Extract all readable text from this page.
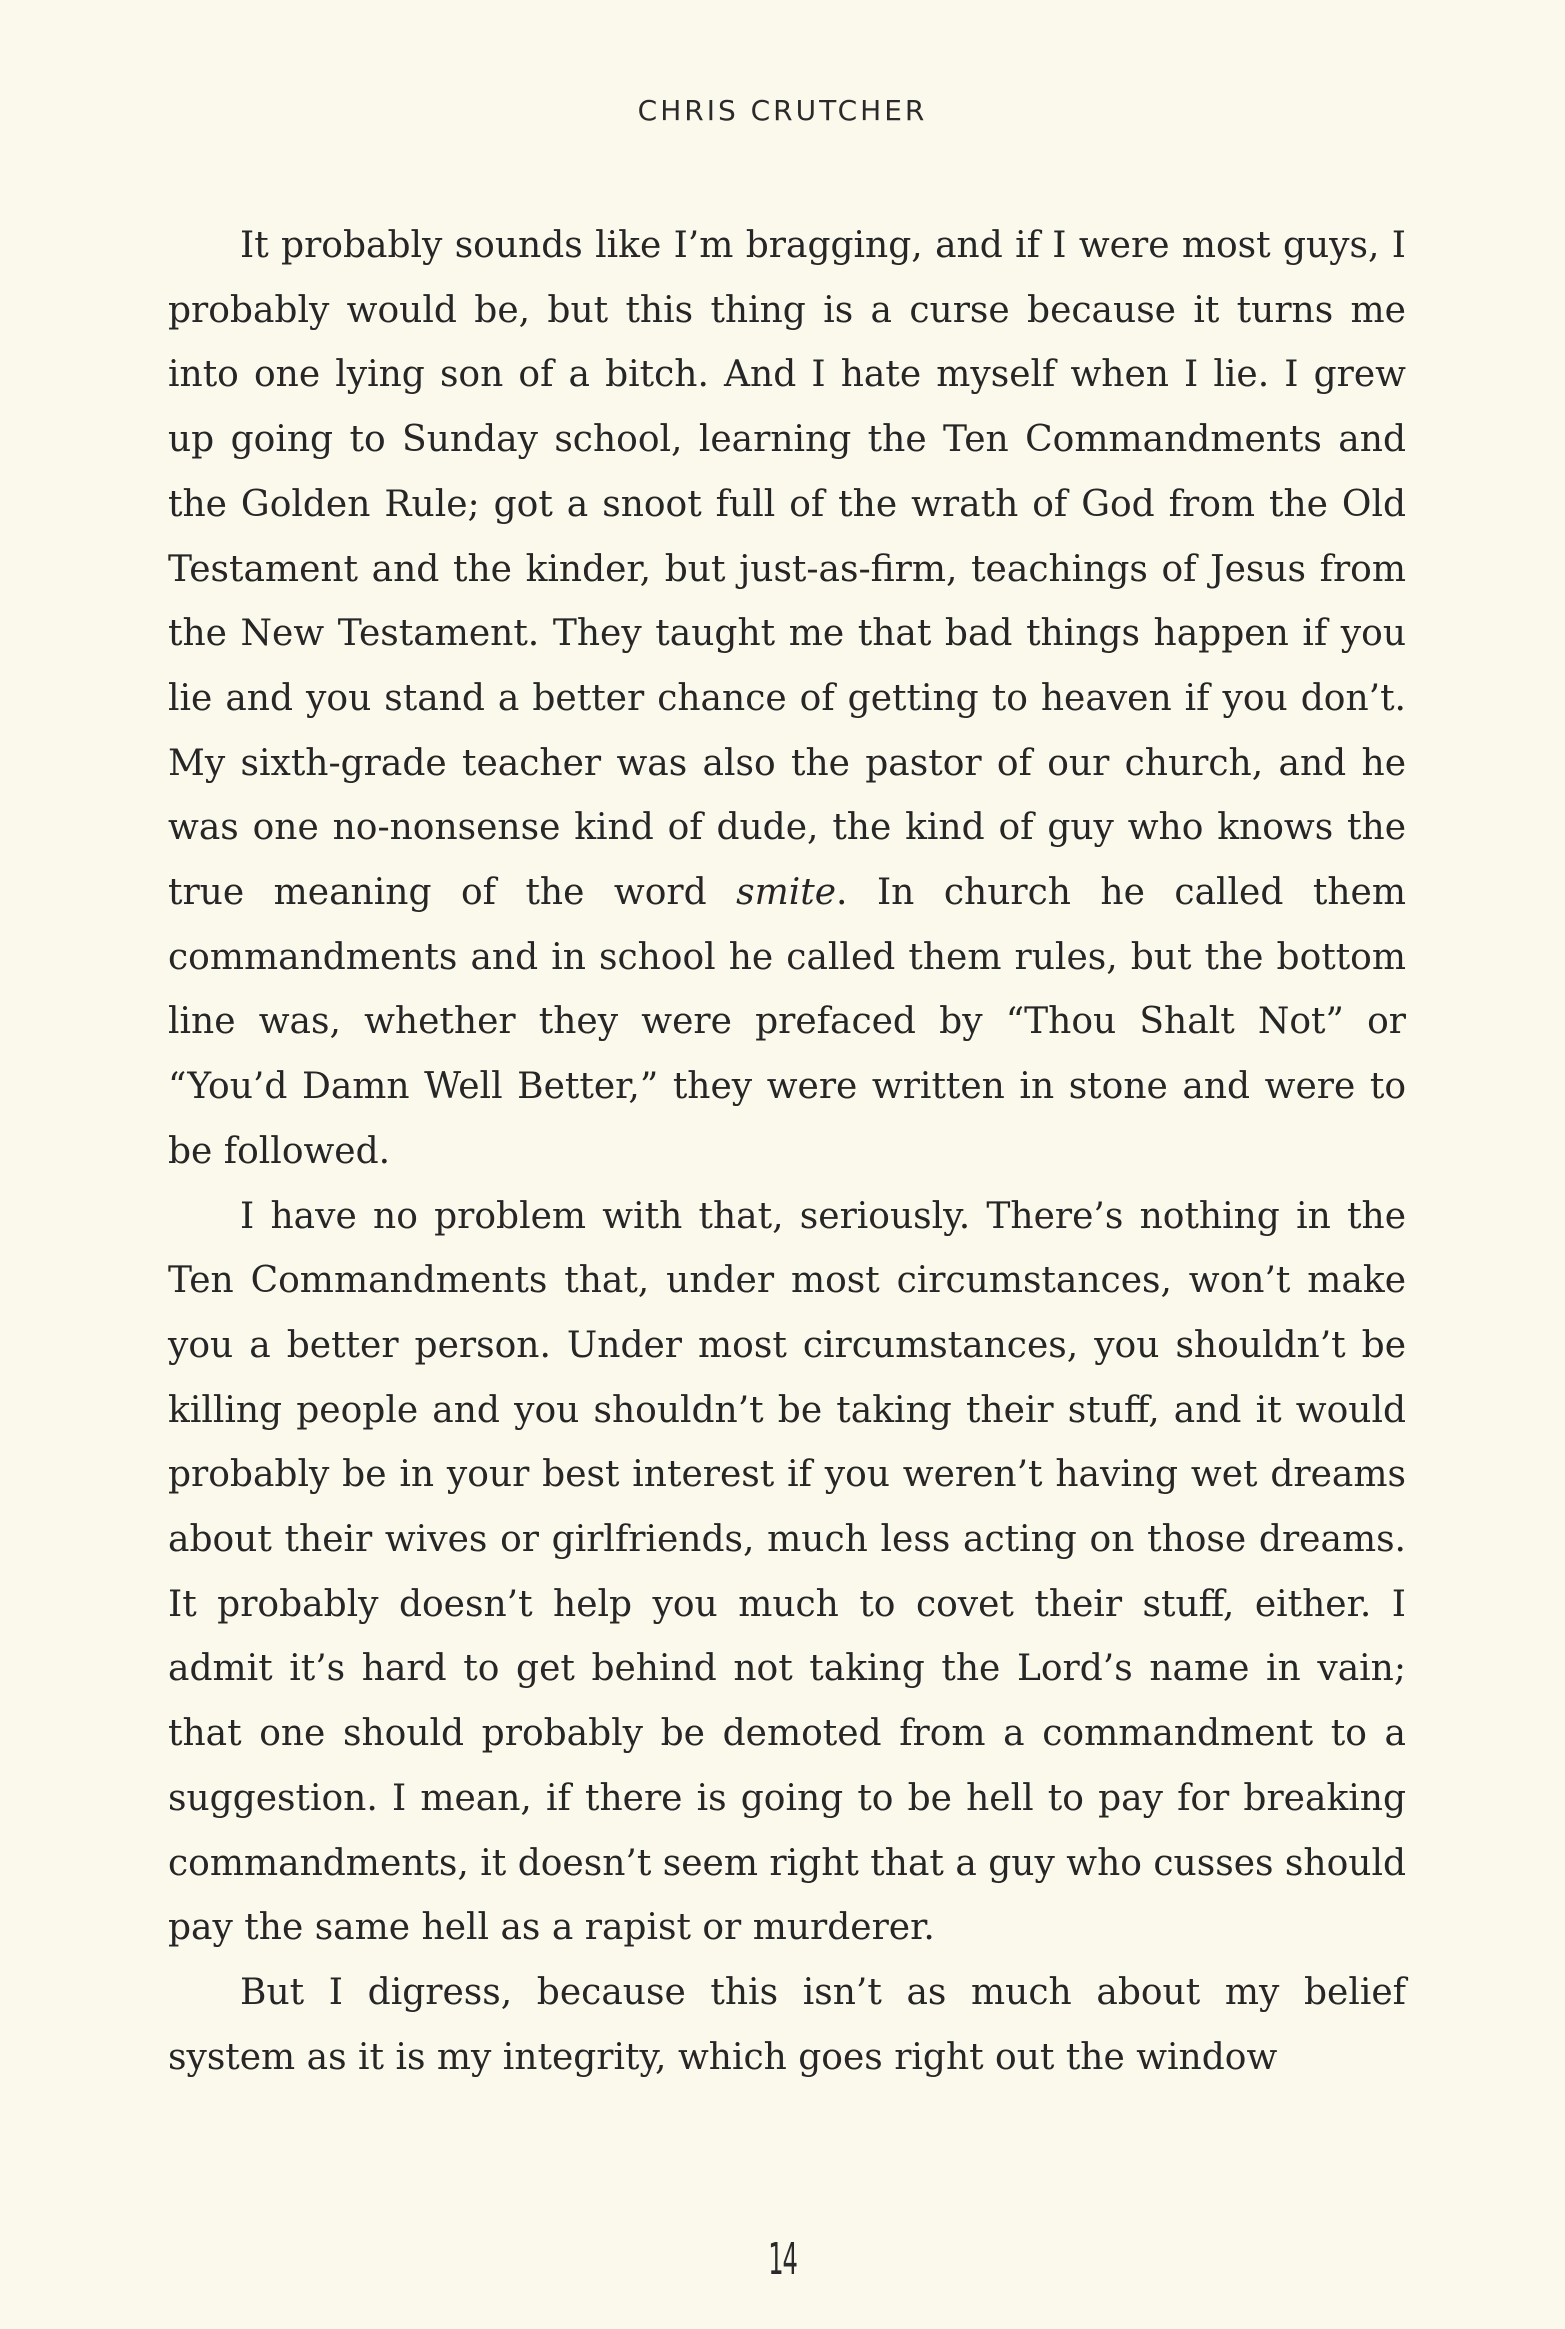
CHRIS CRUTCHER

It probably sounds like I’m bragging, and if I were most guys, I probably would be, but this thing is a curse because it turns me into one lying son of a bitch. And I hate myself when I lie. I grew up going to Sunday school, learning the Ten Commandments and the Golden Rule; got a snoot full of the wrath of God from the Old Testament and the kinder, but just-as-firm, teachings of Jesus from the New Testament. They taught me that bad things happen if you lie and you stand a better chance of getting to heaven if you don’t. My sixth-grade teacher was also the pastor of our church, and he was one no-nonsense kind of dude, the kind of guy who knows the true meaning of the word smite. In church he called them commandments and in school he called them rules, but the bottom line was, whether they were prefaced by “Thou Shalt Not” or “You’d Damn Well Better,” they were written in stone and were to be followed.

I have no problem with that, seriously. There’s nothing in the Ten Commandments that, under most circumstances, won’t make you a better person. Under most circumstances, you shouldn’t be killing people and you shouldn’t be taking their stuff, and it would probably be in your best interest if you weren’t having wet dreams about their wives or girlfriends, much less acting on those dreams. It probably doesn’t help you much to covet their stuff, either. I admit it’s hard to get behind not taking the Lord’s name in vain; that one should probably be demoted from a commandment to a suggestion. I mean, if there is going to be hell to pay for breaking commandments, it doesn’t seem right that a guy who cusses should pay the same hell as a rapist or murderer.

But I digress, because this isn’t as much about my belief system as it is my integrity, which goes right out the window

14
